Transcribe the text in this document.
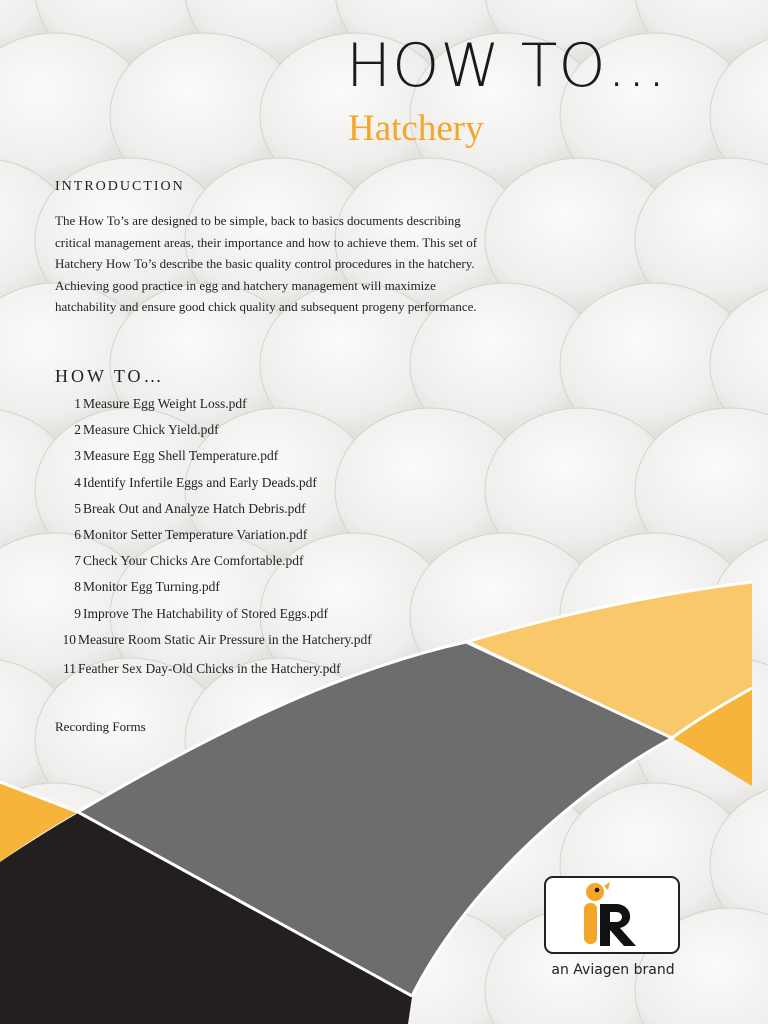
HOW TO…
Hatchery
INTRODUCTION

The How To’s are designed to be simple, back to basics documents describing critical management areas, their importance and how to achieve them. This set of Hatchery How To’s describe the basic quality control procedures in the hatchery. Achieving good practice in egg and hatchery management will maximize hatchability and ensure good chick quality and subsequent progeny performance.

HOW TO…
1 Measure Egg Weight Loss.pdf
2 Measure Chick Yield.pdf
3 Measure Egg Shell Temperature.pdf
4 Identify Infertile Eggs and Early Deads.pdf
5 Break Out and Analyze Hatch Debris.pdf
6 Monitor Setter Temperature Variation.pdf
7 Check Your Chicks Are Comfortable.pdf
8 Monitor Egg Turning.pdf
9 Improve The Hatchability of Stored Eggs.pdf
10 Measure Room Static Air Pressure in the Hatchery.pdf
11 Feather Sex Day-Old Chicks in the Hatchery.pdf
Recording Forms
an Aviagen brand
